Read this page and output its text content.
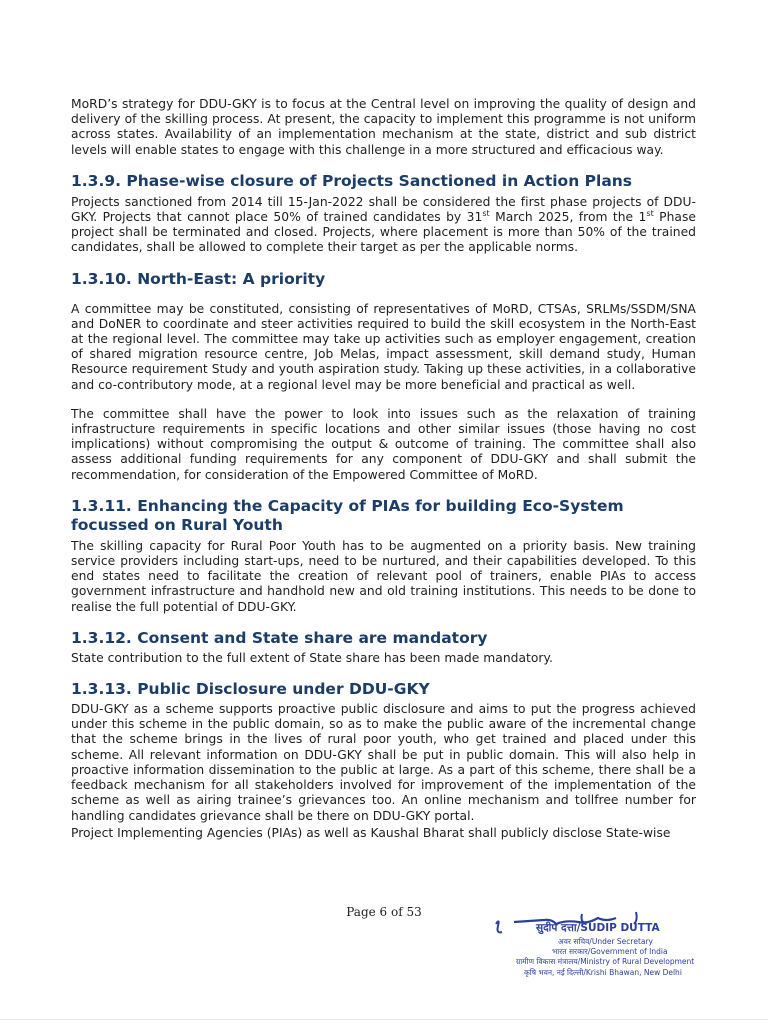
MoRD’s strategy for DDU-GKY is to focus at the Central level on improving the quality of design and delivery of the skilling process. At present, the capacity to implement this programme is not uniform across states. Availability of an implementation mechanism at the state, district and sub district levels will enable states to engage with this challenge in a more structured and efficacious way.

1.3.9. Phase-wise closure of Projects Sanctioned in Action Plans

Projects sanctioned from 2014 till 15-Jan-2022 shall be considered the first phase projects of DDU-GKY. Projects that cannot place 50% of trained candidates by 31st March 2025, from the 1st Phase project shall be terminated and closed. Projects, where placement is more than 50% of the trained candidates, shall be allowed to complete their target as per the applicable norms.

1.3.10. North-East: A priority

A committee may be constituted, consisting of representatives of MoRD, CTSAs, SRLMs/SSDM/SNA and DoNER to coordinate and steer activities required to build the skill ecosystem in the North-East at the regional level. The committee may take up activities such as employer engagement, creation of shared migration resource centre, Job Melas, impact assessment, skill demand study, Human Resource requirement Study and youth aspiration study. Taking up these activities, in a collaborative and co-contributory mode, at a regional level may be more beneficial and practical as well.

The committee shall have the power to look into issues such as the relaxation of training infrastructure requirements in specific locations and other similar issues (those having no cost implications) without compromising the output & outcome of training. The committee shall also assess additional funding requirements for any component of DDU-GKY and shall submit the recommendation, for consideration of the Empowered Committee of MoRD.

1.3.11. Enhancing the Capacity of PIAs for building Eco-System focussed on Rural Youth

The skilling capacity for Rural Poor Youth has to be augmented on a priority basis. New training service providers including start-ups, need to be nurtured, and their capabilities developed. To this end states need to facilitate the creation of relevant pool of trainers, enable PIAs to access government infrastructure and handhold new and old training institutions. This needs to be done to realise the full potential of DDU-GKY.

1.3.12. Consent and State share are mandatory

State contribution to the full extent of State share has been made mandatory.

1.3.13. Public Disclosure under DDU-GKY

DDU-GKY as a scheme supports proactive public disclosure and aims to put the progress achieved under this scheme in the public domain, so as to make the public aware of the incremental change that the scheme brings in the lives of rural poor youth, who get trained and placed under this scheme. All relevant information on DDU-GKY shall be put in public domain. This will also help in proactive information dissemination to the public at large. As a part of this scheme, there shall be a feedback mechanism for all stakeholders involved for improvement of the implementation of the scheme as well as airing trainee’s grievances too. An online mechanism and tollfree number for handling candidates grievance shall be there on DDU-GKY portal.

Project Implementing Agencies (PIAs) as well as Kaushal Bharat shall publicly disclose State-wise

Page 6 of 53
सुदीप दत्ता/SUDIP DUTTA
अवर सचिव/Under Secretary
भारत सरकार/Government of India
ग्रामीण विकास मंत्रालय/Ministry of Rural Development
कृषि भवन, नई दिल्ली/Krishi Bhawan, New Delhi
